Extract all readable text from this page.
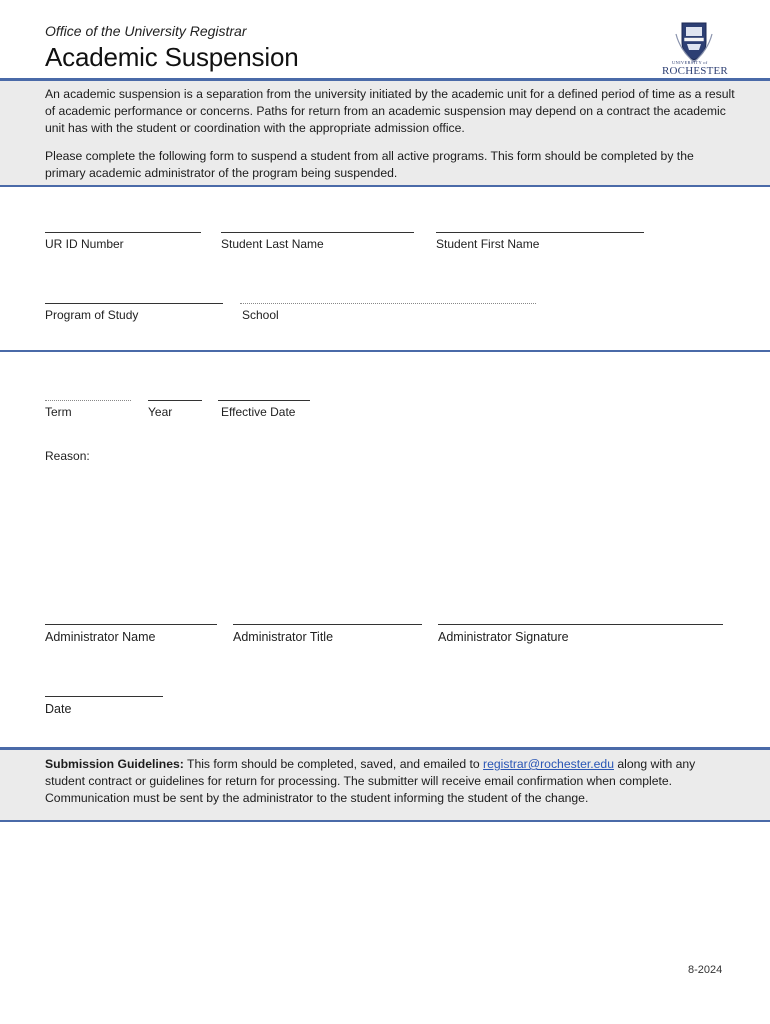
Office of the University Registrar
Academic Suspension	UNIVERSITY of
ROCHESTER
An academic suspension is a separation from the university initiated by the academic unit for a defined period of time as a result of academic performance or concerns. Paths for return from an academic suspension may depend on a contract the academic unit has with the student or coordination with the appropriate admission office.
Please complete the following form to suspend a student from all active programs. This form should be completed by the primary academic administrator of the program being suspended.
UR ID Number	Student Last Name	Student First Name
Program of Study	School
Term	Year	Effective Date
Reason:
Administrator Name	Administrator Title	Administrator Signature
Date
Submission Guidelines: This form should be completed, saved, and emailed to registrar@rochester.edu along with any student contract or guidelines for return for processing. The submitter will receive email confirmation when complete. Communication must be sent by the administrator to the student informing the student of the change.
8-2024
